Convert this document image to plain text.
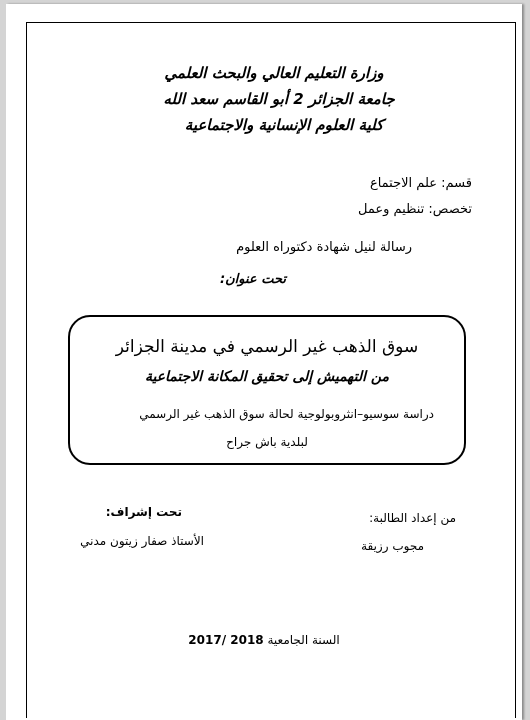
وزارة التعليم العالي والبحث العلمي
جامعة الجزائر 2 أبو القاسم سعد الله
كلية العلوم الإنسانية والاجتماعية
قسم: علم الاجتماع
تخصص: تنظيم وعمل
رسالة لنيل شهادة دكتوراه العلوم
تحت عنوان:
سوق الذهب غير الرسمي في مدينة الجزائر
من التهميش إلى تحقيق المكانة الاجتماعية
دراسة سوسيو–انثروبولوجية لحالة سوق الذهب غير الرسمي
لبلدية باش جراح
من إعداد الطالبة:
مجوب رزيقة
تحت إشراف:
الأستاذ صفار زيتون مدني
السنة الجامعية 2018 /2017
